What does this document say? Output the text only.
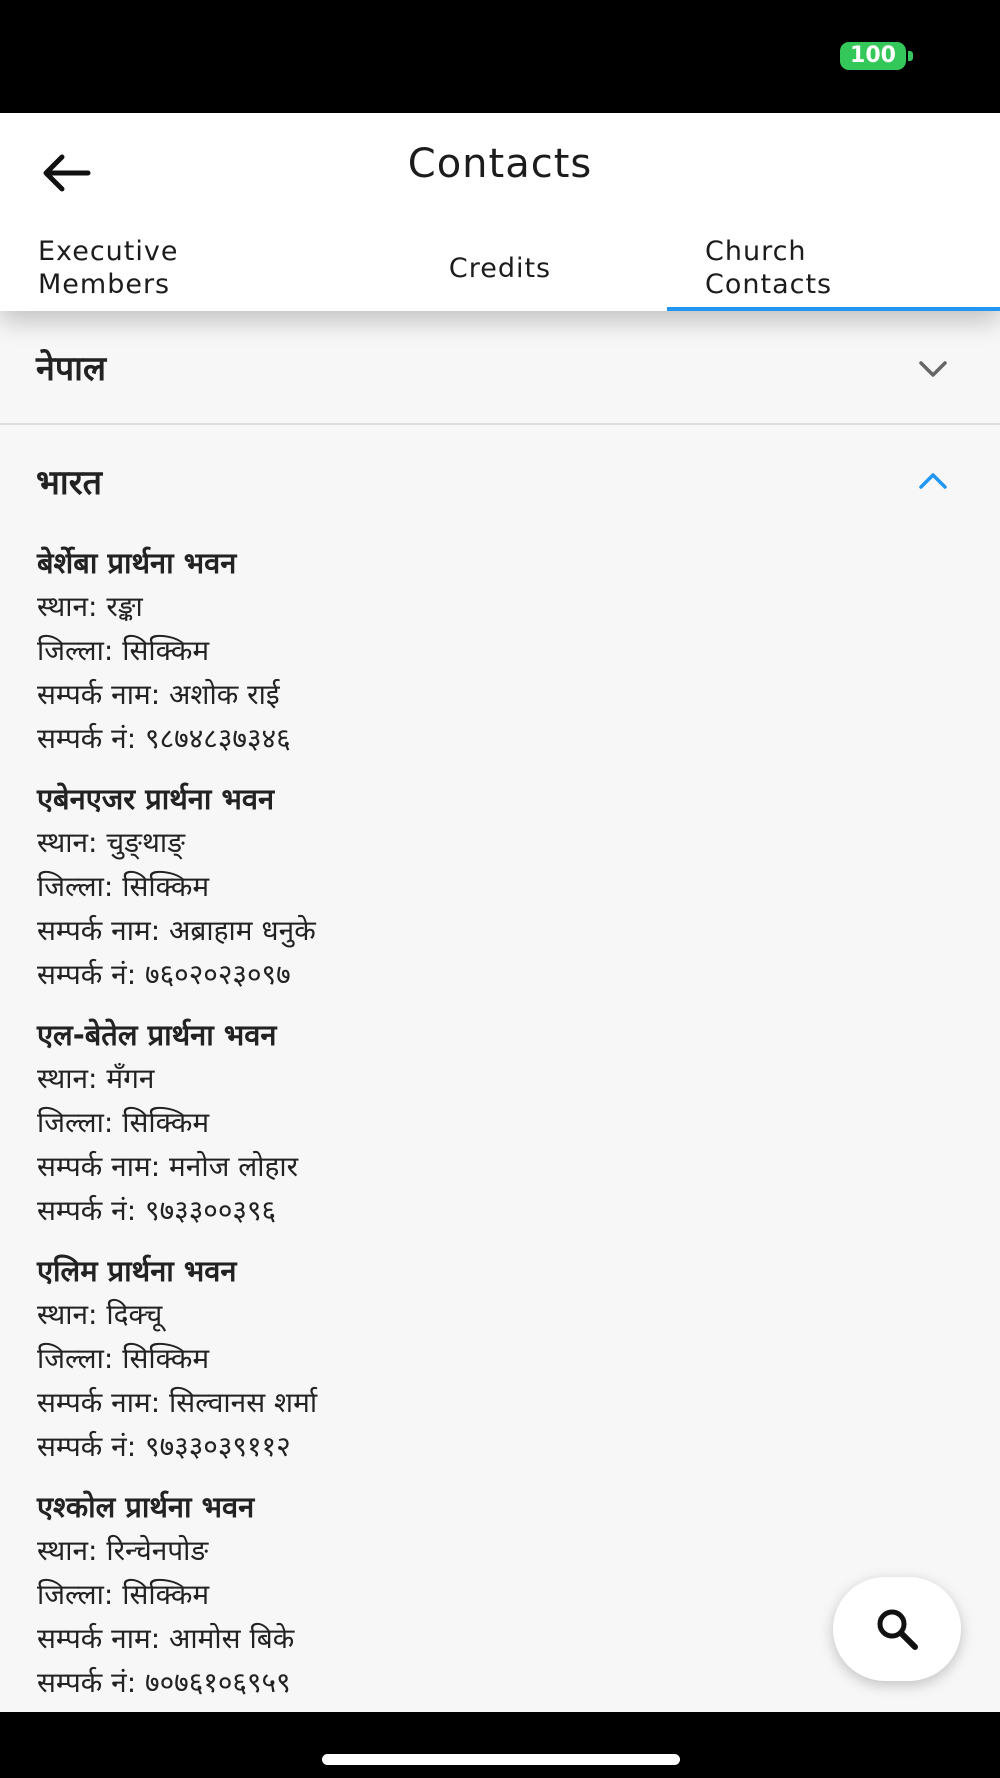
100
Contacts
Executive
Members
Credits
Church
Contacts
नेपाल
भारत
बेर्शेबा प्रार्थना भवन
स्थान: रङ्का
जिल्ला: सिक्किम
सम्पर्क नाम: अशोक राई
सम्पर्क नं: ९८७४८३७३४६
एबेनएजर प्रार्थना भवन
स्थान: चुङ्थाङ्
जिल्ला: सिक्किम
सम्पर्क नाम: अब्राहाम धनुके
सम्पर्क नं: ७६०२०२३०९७
एल-बेतेल प्रार्थना भवन
स्थान: मँगन
जिल्ला: सिक्किम
सम्पर्क नाम: मनोज लोहार
सम्पर्क नं: ९७३३००३९६
एलिम प्रार्थना भवन
स्थान: दिक्चू
जिल्ला: सिक्किम
सम्पर्क नाम: सिल्वानस शर्मा
सम्पर्क नं: ९७३३०३९११२
एश्कोल प्रार्थना भवन
स्थान: रिन्चेनपोङ
जिल्ला: सिक्किम
सम्पर्क नाम: आमोस बिके
सम्पर्क नं: ७०७६१०६९५९
